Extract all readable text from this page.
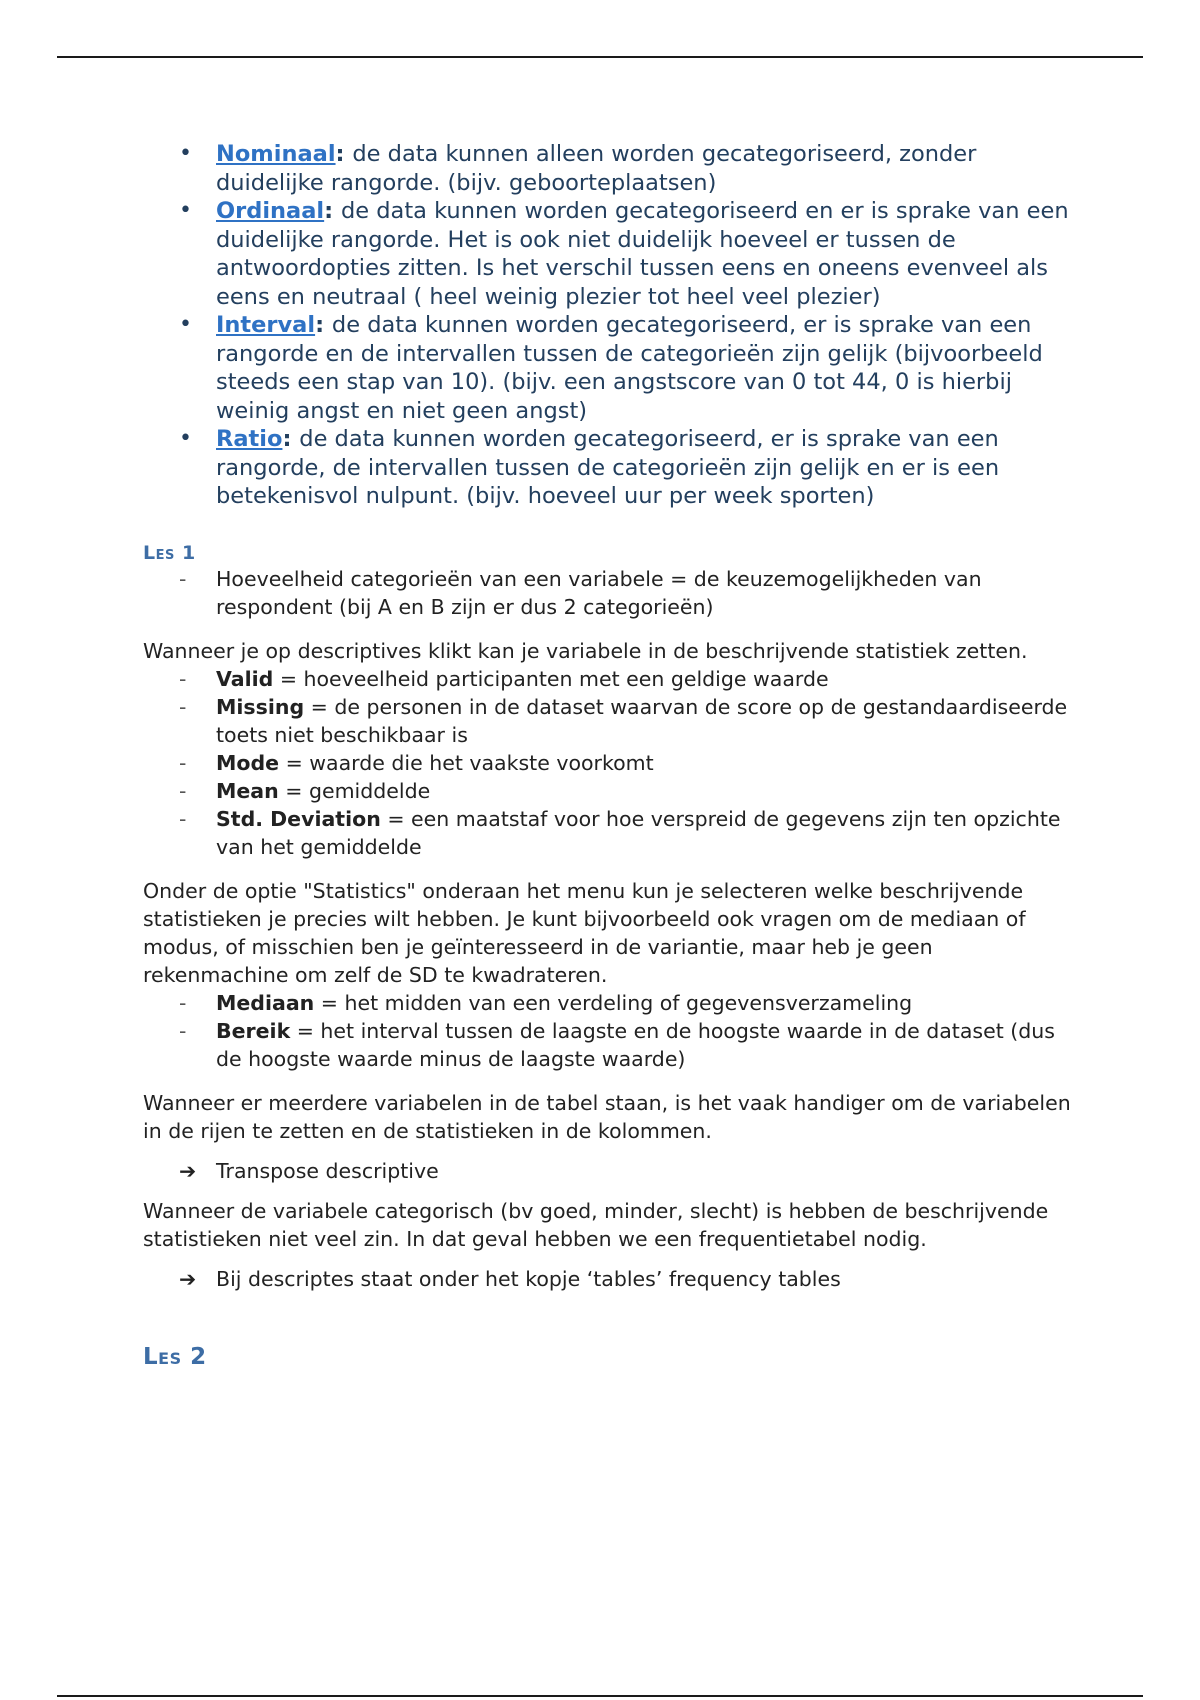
• Nominaal: de data kunnen alleen worden gecategoriseerd, zonder duidelijke rangorde. (bijv. geboorteplaatsen)
• Ordinaal: de data kunnen worden gecategoriseerd en er is sprake van een duidelijke rangorde. Het is ook niet duidelijk hoeveel er tussen de antwoordopties zitten. Is het verschil tussen eens en oneens evenveel als eens en neutraal ( heel weinig plezier tot heel veel plezier)
• Interval: de data kunnen worden gecategoriseerd, er is sprake van een rangorde en de intervallen tussen de categorieën zijn gelijk (bijvoorbeeld steeds een stap van 10). (bijv. een angstscore van 0 tot 44, 0 is hierbij weinig angst en niet geen angst)
• Ratio: de data kunnen worden gecategoriseerd, er is sprake van een rangorde, de intervallen tussen de categorieën zijn gelijk en er is een betekenisvol nulpunt. (bijv. hoeveel uur per week sporten)
Les 1
- Hoeveelheid categorieën van een variabele = de keuzemogelijkheden van respondent (bij A en B zijn er dus 2 categorieën)

Wanneer je op descriptives klikt kan je variabele in de beschrijvende statistiek zetten.

- Valid = hoeveelheid participanten met een geldige waarde
- Missing = de personen in de dataset waarvan de score op de gestandaardiseerde toets niet beschikbaar is
- Mode = waarde die het vaakste voorkomt
- Mean = gemiddelde
- Std. Deviation = een maatstaf voor hoe verspreid de gegevens zijn ten opzichte van het gemiddelde

Onder de optie "Statistics" onderaan het menu kun je selecteren welke beschrijvende statistieken je precies wilt hebben. Je kunt bijvoorbeeld ook vragen om de mediaan of modus, of misschien ben je geïnteresseerd in de variantie, maar heb je geen rekenmachine om zelf de SD te kwadrateren.

- Mediaan = het midden van een verdeling of gegevensverzameling
- Bereik = het interval tussen de laagste en de hoogste waarde in de dataset (dus de hoogste waarde minus de laagste waarde)

Wanneer er meerdere variabelen in de tabel staan, is het vaak handiger om de variabelen in de rijen te zetten en de statistieken in de kolommen.

➔ Transpose descriptive

Wanneer de variabele categorisch (bv goed, minder, slecht) is hebben de beschrijvende statistieken niet veel zin. In dat geval hebben we een frequentietabel nodig.

➔ Bij descriptes staat onder het kopje ‘tables’ frequency tables
Les 2
